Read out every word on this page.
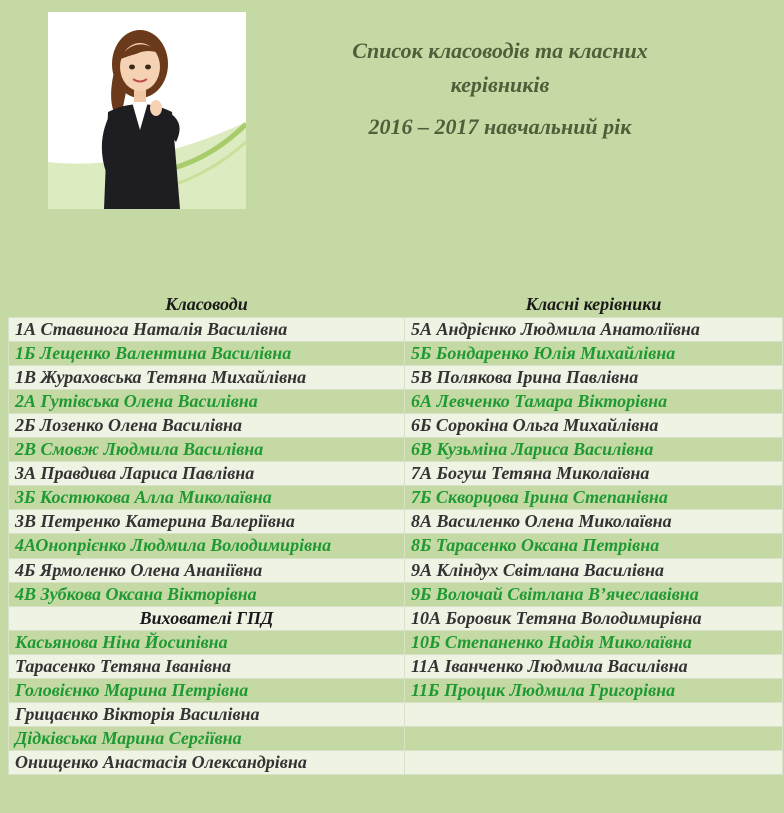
Список класоводів та класних
керівників
2016 – 2017 навчальний рік
Класоводи	Класні керівники
1А Ставинога Наталія Василівна	5А Андрієнко Людмила Анатоліївна
1Б Лещенко Валентина Василівна	5Б Бондаренко Юлія Михайлівна
1В Жураховська Тетяна Михайлівна	5В Полякова Ірина Павлівна
2А Гутівська Олена Василівна	6А Левченко Тамара Вікторівна
2Б Лозенко Олена Василівна	6Б Сорокіна Ольга Михайлівна
2В Смовж Людмила Василівна	6В Кузьміна Лариса Василівна
3А Правдива Лариса Павлівна	7А Богуш Тетяна Миколаївна
3Б Костюкова Алла Миколаївна	7Б Скворцова Ірина Степанівна
3В Петренко Катерина Валеріївна	8А Василенко Олена Миколаївна
4АОнопрієнко Людмила Володимирівна	8Б Тарасенко Оксана Петрівна
4Б Ярмоленко Олена Ананіївна	9А Кліндух Світлана Василівна
4В Зубкова Оксана Вікторівна	9Б Волочай Світлана В’ячеславівна
Вихователі ГПД	10А Боровик Тетяна Володимирівна
Касьянова Ніна Йосипівна	10Б Степаненко Надія Миколаївна
Тарасенко Тетяна Іванівна	11А Іванченко Людмила Василівна
Головієнко Марина Петрівна	11Б Процик Людмила Григорівна
Грицаєнко Вікторія Василівна	
Дідківська Марина Сергіївна	
Онищенко Анастасія Олександрівна	
